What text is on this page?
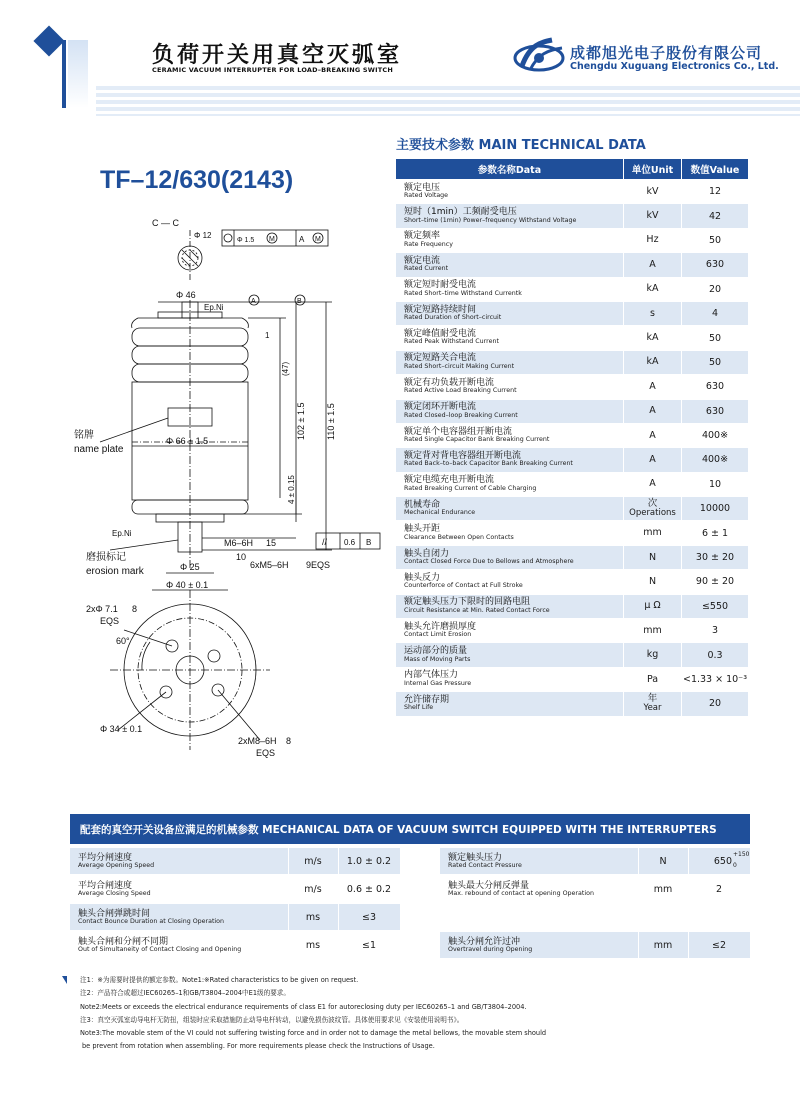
负荷开关用真空灭弧室
CERAMIC VACUUM INTERRUPTER FOR LOAD–BREAKING SWITCH
成都旭光电子股份有限公司
Chengdu Xuguang Electronics Co., Ltd.
TF–12/630(2143)
C — C
Φ 12
Φ 1.5 M	A M
Φ 46
Ep.Ni
A	B
1
(47)
102 ± 1.5 110 ± 1.5
铭牌
name plate
Φ 66 ± 1.5
4 ± 0.15
Ep.Ni
M6–6H 15	// 0.6 B
10
磨损标记
erosion mark	Φ 25	6xM5–6H 9EQS
Φ 40 ± 0.1
2xΦ 7.1 8
EQS
60°
Φ 34 ± 0.1
2xM8–6H 8
EQS
主要技术参数 MAIN TECHNICAL DATA
参数名称Data	单位Unit	数值Value

额定电压
Rated Voltage	kV	12

短时（1min）工频耐受电压
Short–time (1min) Power–frequency Withstand Voltage	kV	42

额定频率
Rate Frequency	Hz	50

额定电流
Rated Current	A	630

额定短时耐受电流
Rated Short–time Withstand Currentk	kA	20

额定短路持续时间
Rated Duration of Short–circuit	s	4

额定峰值耐受电流
Rated Peak Withstand Current	kA	50

额定短路关合电流
Rated Short–circuit Making Current	kA	50

额定有功负载开断电流
Rated Active Load Breaking Current	A	630

额定闭环开断电流
Rated Closed–loop Breaking Current	A	630

额定单个电容器组开断电流
Rated Single Capacitor Bank Breaking Current	A	400※

额定背对背电容器组开断电流
Rated Back–to–back Capacitor Bank Breaking Current	A	400※

额定电缆充电开断电流
Rated Breaking Current of Cable Charging	A	10

机械寿命
Mechanical Endurance	次
Operations	10000

触头开距
Clearance Between Open Contacts	mm	6 ± 1

触头自闭力
Contact Closed Force Due to Bellows and Atmosphere	N	30 ± 20

触头反力
Counterforce of Contact at Full Stroke	N	90 ± 20

额定触头压力下限时的回路电阻
Circuit Resistance at Min. Rated Contact Force	μ Ω	≤550

触头允许磨损厚度
Contact Limit Erosion	mm	3

运动部分的质量
Mass of Moving Parts	kg	0.3

内部气体压力
Internal Gas Pressure	Pa	<1.33 × 10⁻³

允许储存期
Shelf Life	年
Year	20
配套的真空开关设备应满足的机械参数 MECHANICAL DATA OF VACUUM SWITCH EQUIPPED WITH THE INTERRUPTERS
平均分闸速度
Average Opening Speed	m/s	1.0 ± 0.2
平均合闸速度
Average Closing Speed	m/s	0.6 ± 0.2
触头合闸弹跳时间
Contact Bounce Duration at Closing Operation	ms	≤3
触头合闸和分闸不同期
Out of Simultaneity of Contact Closing and Opening	ms	≤1
额定触头压力
Rated Contact Pressure	N	650
+150
0
触头最大分闸反弹量
Max. rebound of contact at opening Operation	mm	2
触头分闸允许过冲
Overtravel during Opening	mm	≤2
注1：※为需要时提供的额定参数。Note1:※Rated characteristics to be given on request.
注2：产品符合或超过IEC60265–1和GB/T3804–2004中E1级的要求。
Note2:Meets or exceeds the electrical endurance requirements of class E1 for autoreclosing duty per IEC60265–1 and GB/T3804–2004.
注3：真空灭弧室动导电杆无防扭，组装时应采取措施防止动导电杆转动，以避免损伤波纹管。具体使用要求见《安装使用说明书》。
Note3:The movable stem of the VI could not suffering twisting force and in order not to damage the metal bellows, the movable stem should
be prevent from rotation when assembling. For more requirements please check the Instructions of Usage.
